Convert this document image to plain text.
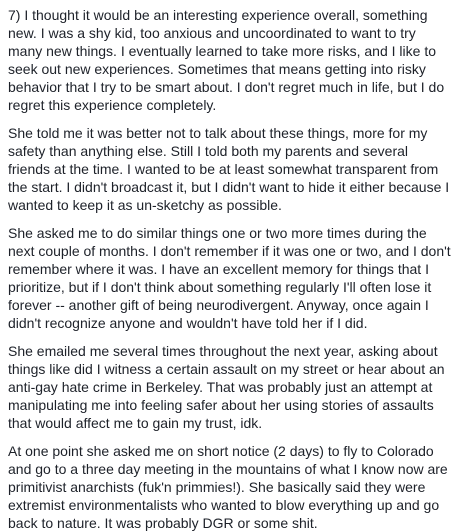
7) I thought it would be an interesting experience overall, something new. I was a shy kid, too anxious and uncoordinated to want to try many new things. I eventually learned to take more risks, and I like to seek out new experiences. Sometimes that means getting into risky behavior that I try to be smart about. I don't regret much in life, but I do regret this experience completely.

She told me it was better not to talk about these things, more for my safety than anything else. Still I told both my parents and several friends at the time. I wanted to be at least somewhat transparent from the start. I didn't broadcast it, but I didn't want to hide it either because I wanted to keep it as un-sketchy as possible.

She asked me to do similar things one or two more times during the next couple of months. I don't remember if it was one or two, and I don't remember where it was. I have an excellent memory for things that I prioritize, but if I don't think about something regularly I'll often lose it forever -- another gift of being neurodivergent. Anyway, once again I didn't recognize anyone and wouldn't have told her if I did.

She emailed me several times throughout the next year, asking about things like did I witness a certain assault on my street or hear about an anti-gay hate crime in Berkeley. That was probably just an attempt at manipulating me into feeling safer about her using stories of assaults that would affect me to gain my trust, idk.

At one point she asked me on short notice (2 days) to fly to Colorado and go to a three day meeting in the mountains of what I know now are primitivist anarchists (fuk'n primmies!). She basically said they were extremist environmentalists who wanted to blow everything up and go back to nature. It was probably DGR or some shit.
